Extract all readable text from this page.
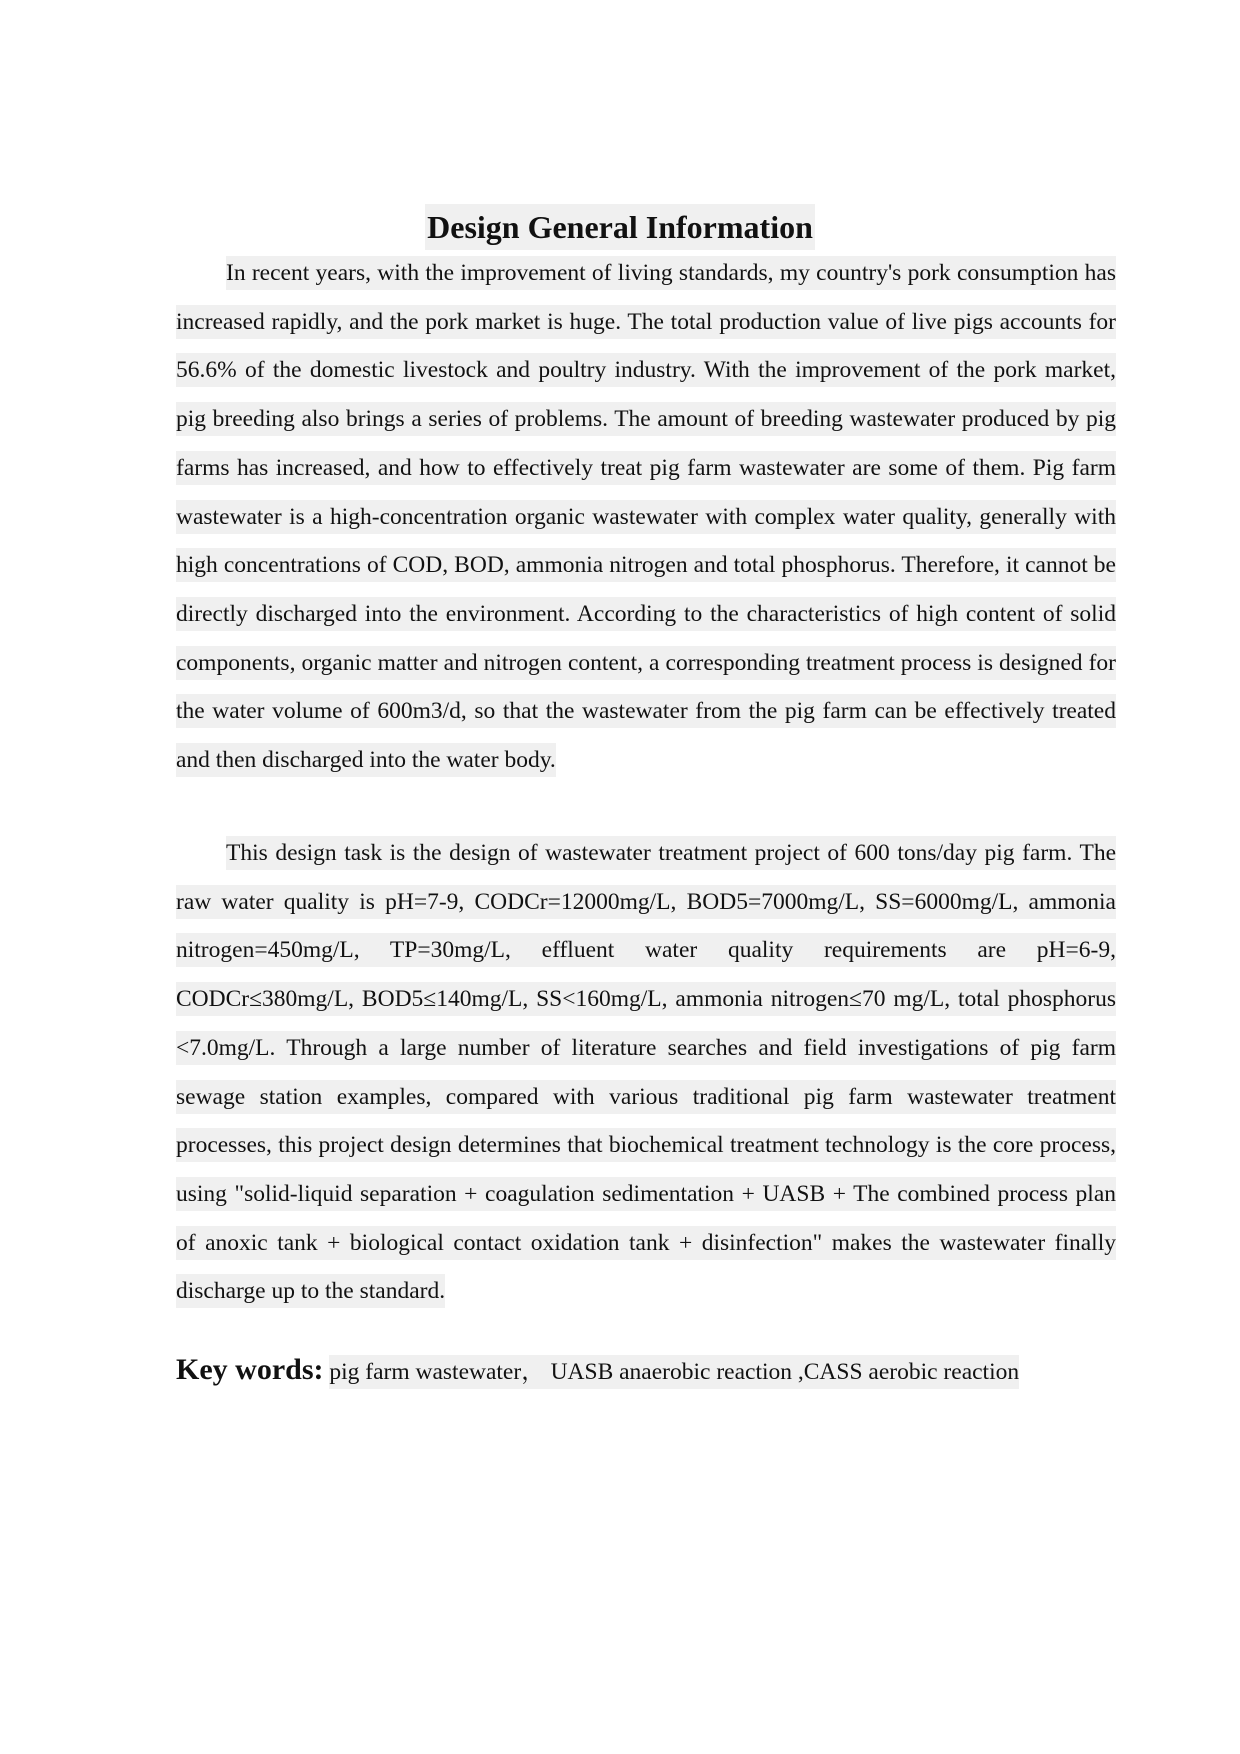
Design General Information

In recent years, with the improvement of living standards, my country's pork consumption has increased rapidly, and the pork market is huge. The total production value of live pigs accounts for 56.6% of the domestic livestock and poultry industry. With the improvement of the pork market, pig breeding also brings a series of problems. The amount of breeding wastewater produced by pig farms has increased, and how to effectively treat pig farm wastewater are some of them. Pig farm wastewater is a high-concentration organic wastewater with complex water quality, generally with high concentrations of COD, BOD, ammonia nitrogen and total phosphorus. Therefore, it cannot be directly discharged into the environment. According to the characteristics of high content of solid components, organic matter and nitrogen content, a corresponding treatment process is designed for the water volume of 600m3/d, so that the wastewater from the pig farm can be effectively treated and then discharged into the water body.

This design task is the design of wastewater treatment project of 600 tons/day pig farm. The raw water quality is pH=7-9, CODCr=12000mg/L, BOD5=7000mg/L, SS=6000mg/L, ammonia nitrogen=450mg/L, TP=30mg/L, effluent water quality requirements are pH=6-9, CODCr≤380mg/L, BOD5≤140mg/L, SS<160mg/L, ammonia nitrogen≤70 mg/L, total phosphorus <7.0mg/L. Through a large number of literature searches and field investigations of pig farm sewage station examples, compared with various traditional pig farm wastewater treatment processes, this project design determines that biochemical treatment technology is the core process, using "solid-liquid separation + coagulation sedimentation + UASB + The combined process plan of anoxic tank + biological contact oxidation tank + disinfection" makes the wastewater finally discharge up to the standard.

Key words: pig farm wastewater， UASB anaerobic reaction ,CASS aerobic reaction
